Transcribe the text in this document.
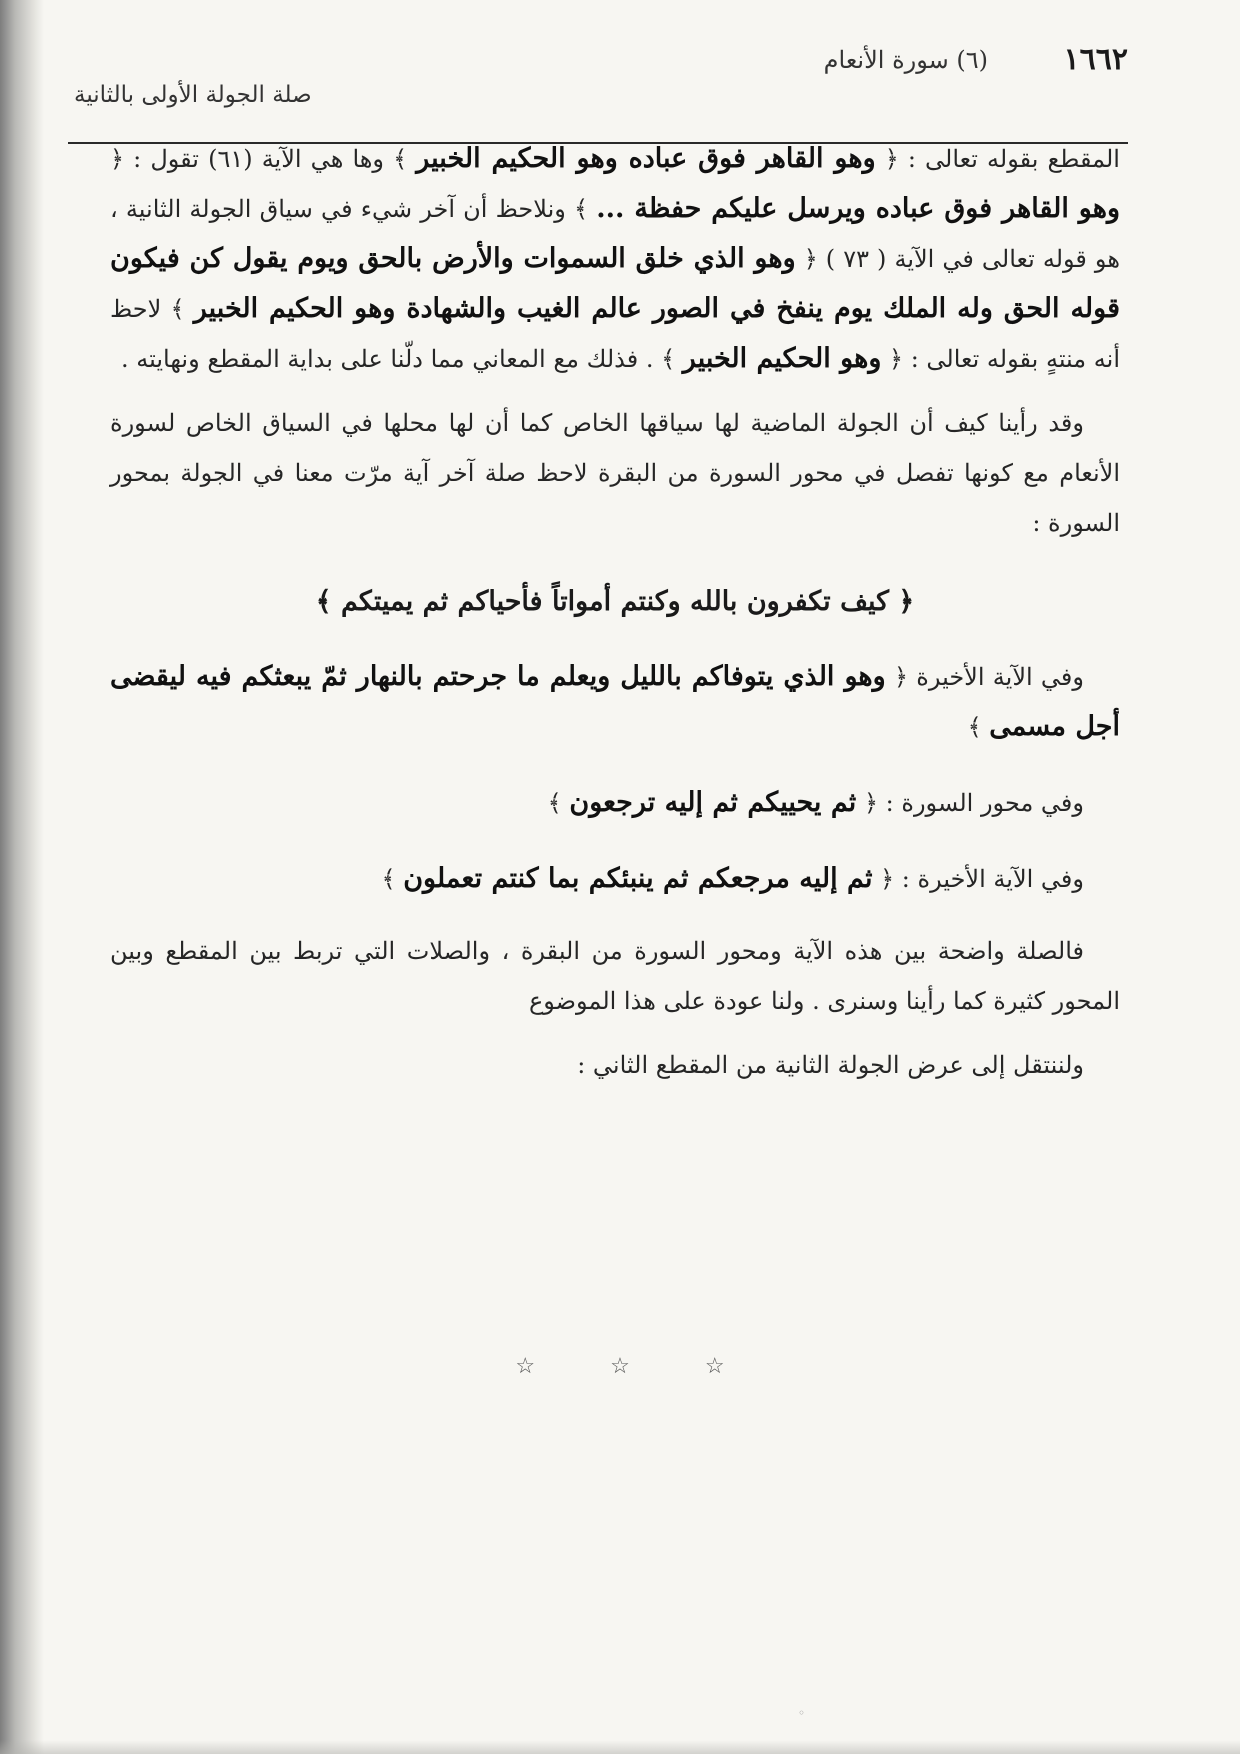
١٦٦٢
(٦) سورة الأنعام
صلة الجولة الأولى بالثانية

المقطع بقوله تعالى : ﴿ وهو القاهر فوق عباده وهو الحكيم الخبير ﴾ وها هي الآية (٦١) تقول : ﴿ وهو القاهر فوق عباده ويرسل عليكم حفظة ... ﴾ ونلاحظ أن آخر شيء في سياق الجولة الثانية ، هو قوله تعالى في الآية ( ٧٣ ) ﴿ وهو الذي خلق السموات والأرض بالحق ويوم يقول كن فيكون قوله الحق وله الملك يوم ينفخ في الصور عالم الغيب والشهادة وهو الحكيم الخبير ﴾ لاحظ أنه منتهٍ بقوله تعالى : ﴿ وهو الحكيم الخبير ﴾ . فذلك مع المعاني مما دلّنا على بداية المقطع ونهايته .

وقد رأينا كيف أن الجولة الماضية لها سياقها الخاص كما أن لها محلها في السياق الخاص لسورة الأنعام مع كونها تفصل في محور السورة من البقرة لاحظ صلة آخر آية مرّت معنا في الجولة بمحور السورة :

﴿ كيف تكفرون بالله وكنتم أمواتاً فأحياكم ثم يميتكم ﴾

وفي الآية الأخيرة ﴿ وهو الذي يتوفاكم بالليل ويعلم ما جرحتم بالنهار ثمّ يبعثكم فيه ليقضى أجل مسمى ﴾

وفي محور السورة : ﴿ ثم يحييكم ثم إليه ترجعون ﴾

وفي الآية الأخيرة : ﴿ ثم إليه مرجعكم ثم ينبئكم بما كنتم تعملون ﴾

فالصلة واضحة بين هذه الآية ومحور السورة من البقرة ، والصلات التي تربط بين المقطع وبين المحور كثيرة كما رأينا وسنرى . ولنا عودة على هذا الموضوع

ولننتقل إلى عرض الجولة الثانية من المقطع الثاني :

☆	☆	☆
◦
